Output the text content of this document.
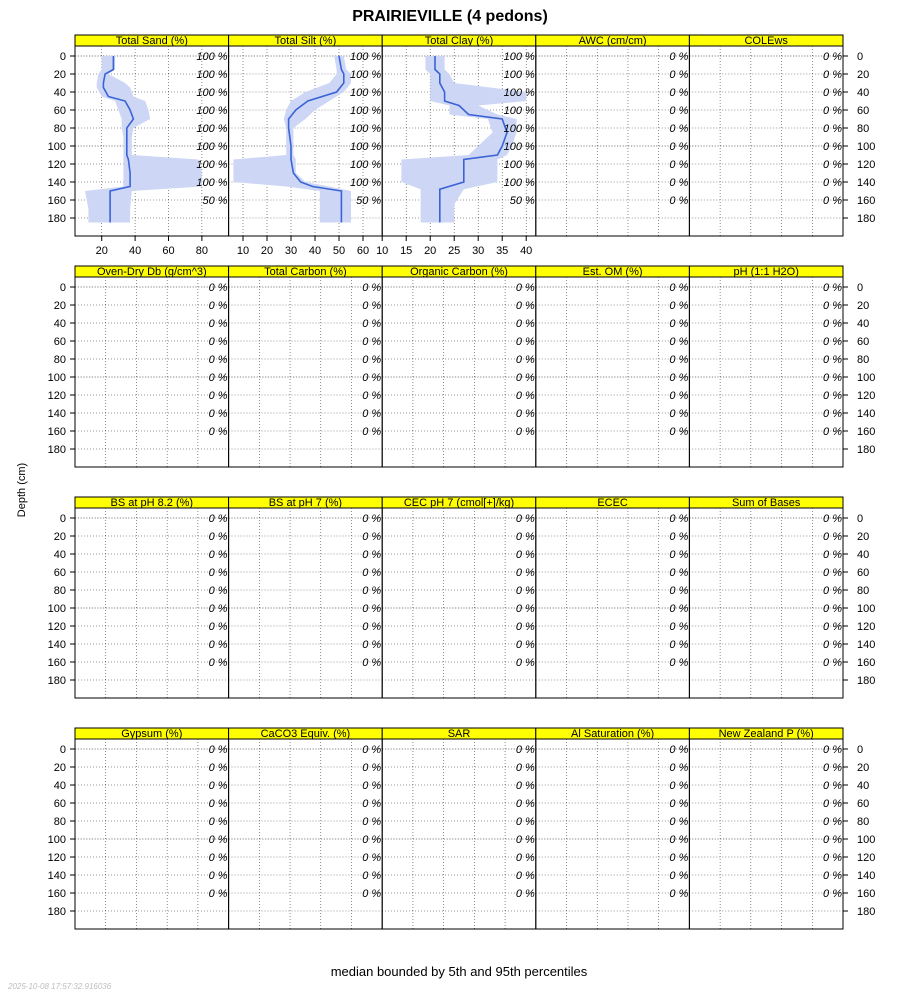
PRAIRIEVILLE (4 pedons)
Depth (cm)
Total Sand (%)
20 40 60 80
100 %
100 %
100 %
100 %
100 %
100 %
100 %
100 %
50 %
Total Silt (%)
10 20 30 40 50 60
100 %
100 %
100 %
100 %
100 %
100 %
100 %
100 %
50 %
Total Clay (%)
10 15 20 25 30 35 40
100 %
100 %
100 %
100 %
100 %
100 %
100 %
100 %
50 %
AWC (cm/cm)
0 %
0 %
0 %
0 %
0 %
0 %
0 %
0 %
0 %
COLEws
0 %
0 %
0 %
0 %
0 %
0 %
0 %
0 %
0 %
Oven-Dry Db (g/cm^3)
0 %
0 %
0 %
0 %
0 %
0 %
0 %
0 %
0 %
Total Carbon (%)
0 %
0 %
0 %
0 %
0 %
0 %
0 %
0 %
0 %
Organic Carbon (%)
0 %
0 %
0 %
0 %
0 %
0 %
0 %
0 %
0 %
Est. OM (%)
0 %
0 %
0 %
0 %
0 %
0 %
0 %
0 %
0 %
pH (1:1 H2O)
0 %
0 %
0 %
0 %
0 %
0 %
0 %
0 %
0 %
BS at pH 8.2 (%)
0 %
0 %
0 %
0 %
0 %
0 %
0 %
0 %
0 %
BS at pH 7 (%)
0 %
0 %
0 %
0 %
0 %
0 %
0 %
0 %
0 %
CEC pH 7 (cmol[+]/kg)
0 %
0 %
0 %
0 %
0 %
0 %
0 %
0 %
0 %
ECEC
0 %
0 %
0 %
0 %
0 %
0 %
0 %
0 %
0 %
Sum of Bases
0 %
0 %
0 %
0 %
0 %
0 %
0 %
0 %
0 %
Gypsum (%)
0 %
0 %
0 %
0 %
0 %
0 %
0 %
0 %
0 %
CaCO3 Equiv. (%)
0 %
0 %
0 %
0 %
0 %
0 %
0 %
0 %
0 %
SAR
0 %
0 %
0 %
0 %
0 %
0 %
0 %
0 %
0 %
Al Saturation (%)
0 %
0 %
0 %
0 %
0 %
0 %
0 %
0 %
0 %
New Zealand P (%)
0 %
0 %
0 %
0 %
0 %
0 %
0 %
0 %
0 %
0	0
20	20
40	40
60	60
80	80
100	100
120	120
140	140
160	160
180	180
0	0
20	20
40	40
60	60
80	80
100	100
120	120
140	140
160	160
180	180
0	0
20	20
40	40
60	60
80	80
100	100
120	120
140	140
160	160
180	180
0	0
20	20
40	40
60	60
80	80
100	100
120	120
140	140
160	160
180	180
median bounded by 5th and 95th percentiles
2025-10-08 17:57:32.916036
